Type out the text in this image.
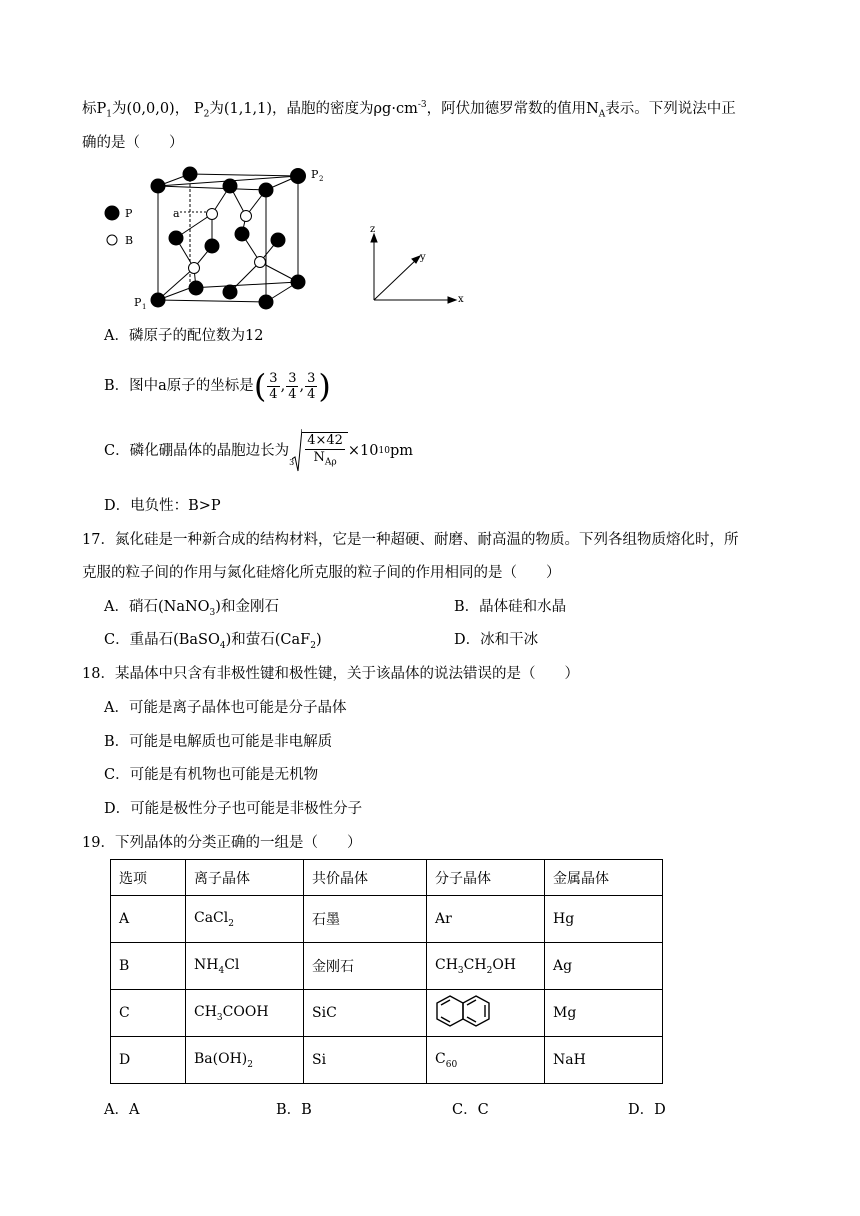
标$P_1$为(0,0,0)， $P_2$为(1,1,1)，晶胞的密度为$\rho g\cdot cm^{-3}$，阿伏加德罗常数的值用$N_A$表示。下列说法中正
确的是（　　）
P
B
a
P 2
P 1
z
y
x
A．磷原子的配位数为12
B．图中a原子的坐标是 ( $\frac{3}{4}$ , $\frac{3}{4}$ , $\frac{3}{4}$ )
C．磷化硼晶体的晶胞边长为
3
4×42
$N_{A\rho}$
×10 10 pm
D．电负性：B>P
17．氮化硅是一种新合成的结构材料，它是一种超硬、耐磨、耐高温的物质。下列各组物质熔化时，所
克服的粒子间的作用与氮化硅熔化所克服的粒子间的作用相同的是（　　）
A．硝石(NaNO$_3$)和金刚石	B．晶体硅和水晶
C．重晶石(BaSO$_4$)和萤石(CaF$_2$)	D．冰和干冰
18．某晶体中只含有非极性键和极性键，关于该晶体的说法错误的是（　　）
A．可能是离子晶体也可能是分子晶体
B．可能是电解质也可能是非电解质
C．可能是有机物也可能是无机物
D．可能是极性分子也可能是非极性分子
19．下列晶体的分类正确的一组是（　　）
选项	离子晶体	共价晶体	分子晶体	金属晶体
A	CaCl$_2$	石墨	Ar	Hg
B	$NH_4Cl$	金刚石	$CH_3CH_2OH$	Ag
C	$CH_3COOH$	SiC		Mg
D	$Ba(OH)_2$	Si	$C_{60}$	NaH
A．A	B．B	C．C	D．D
